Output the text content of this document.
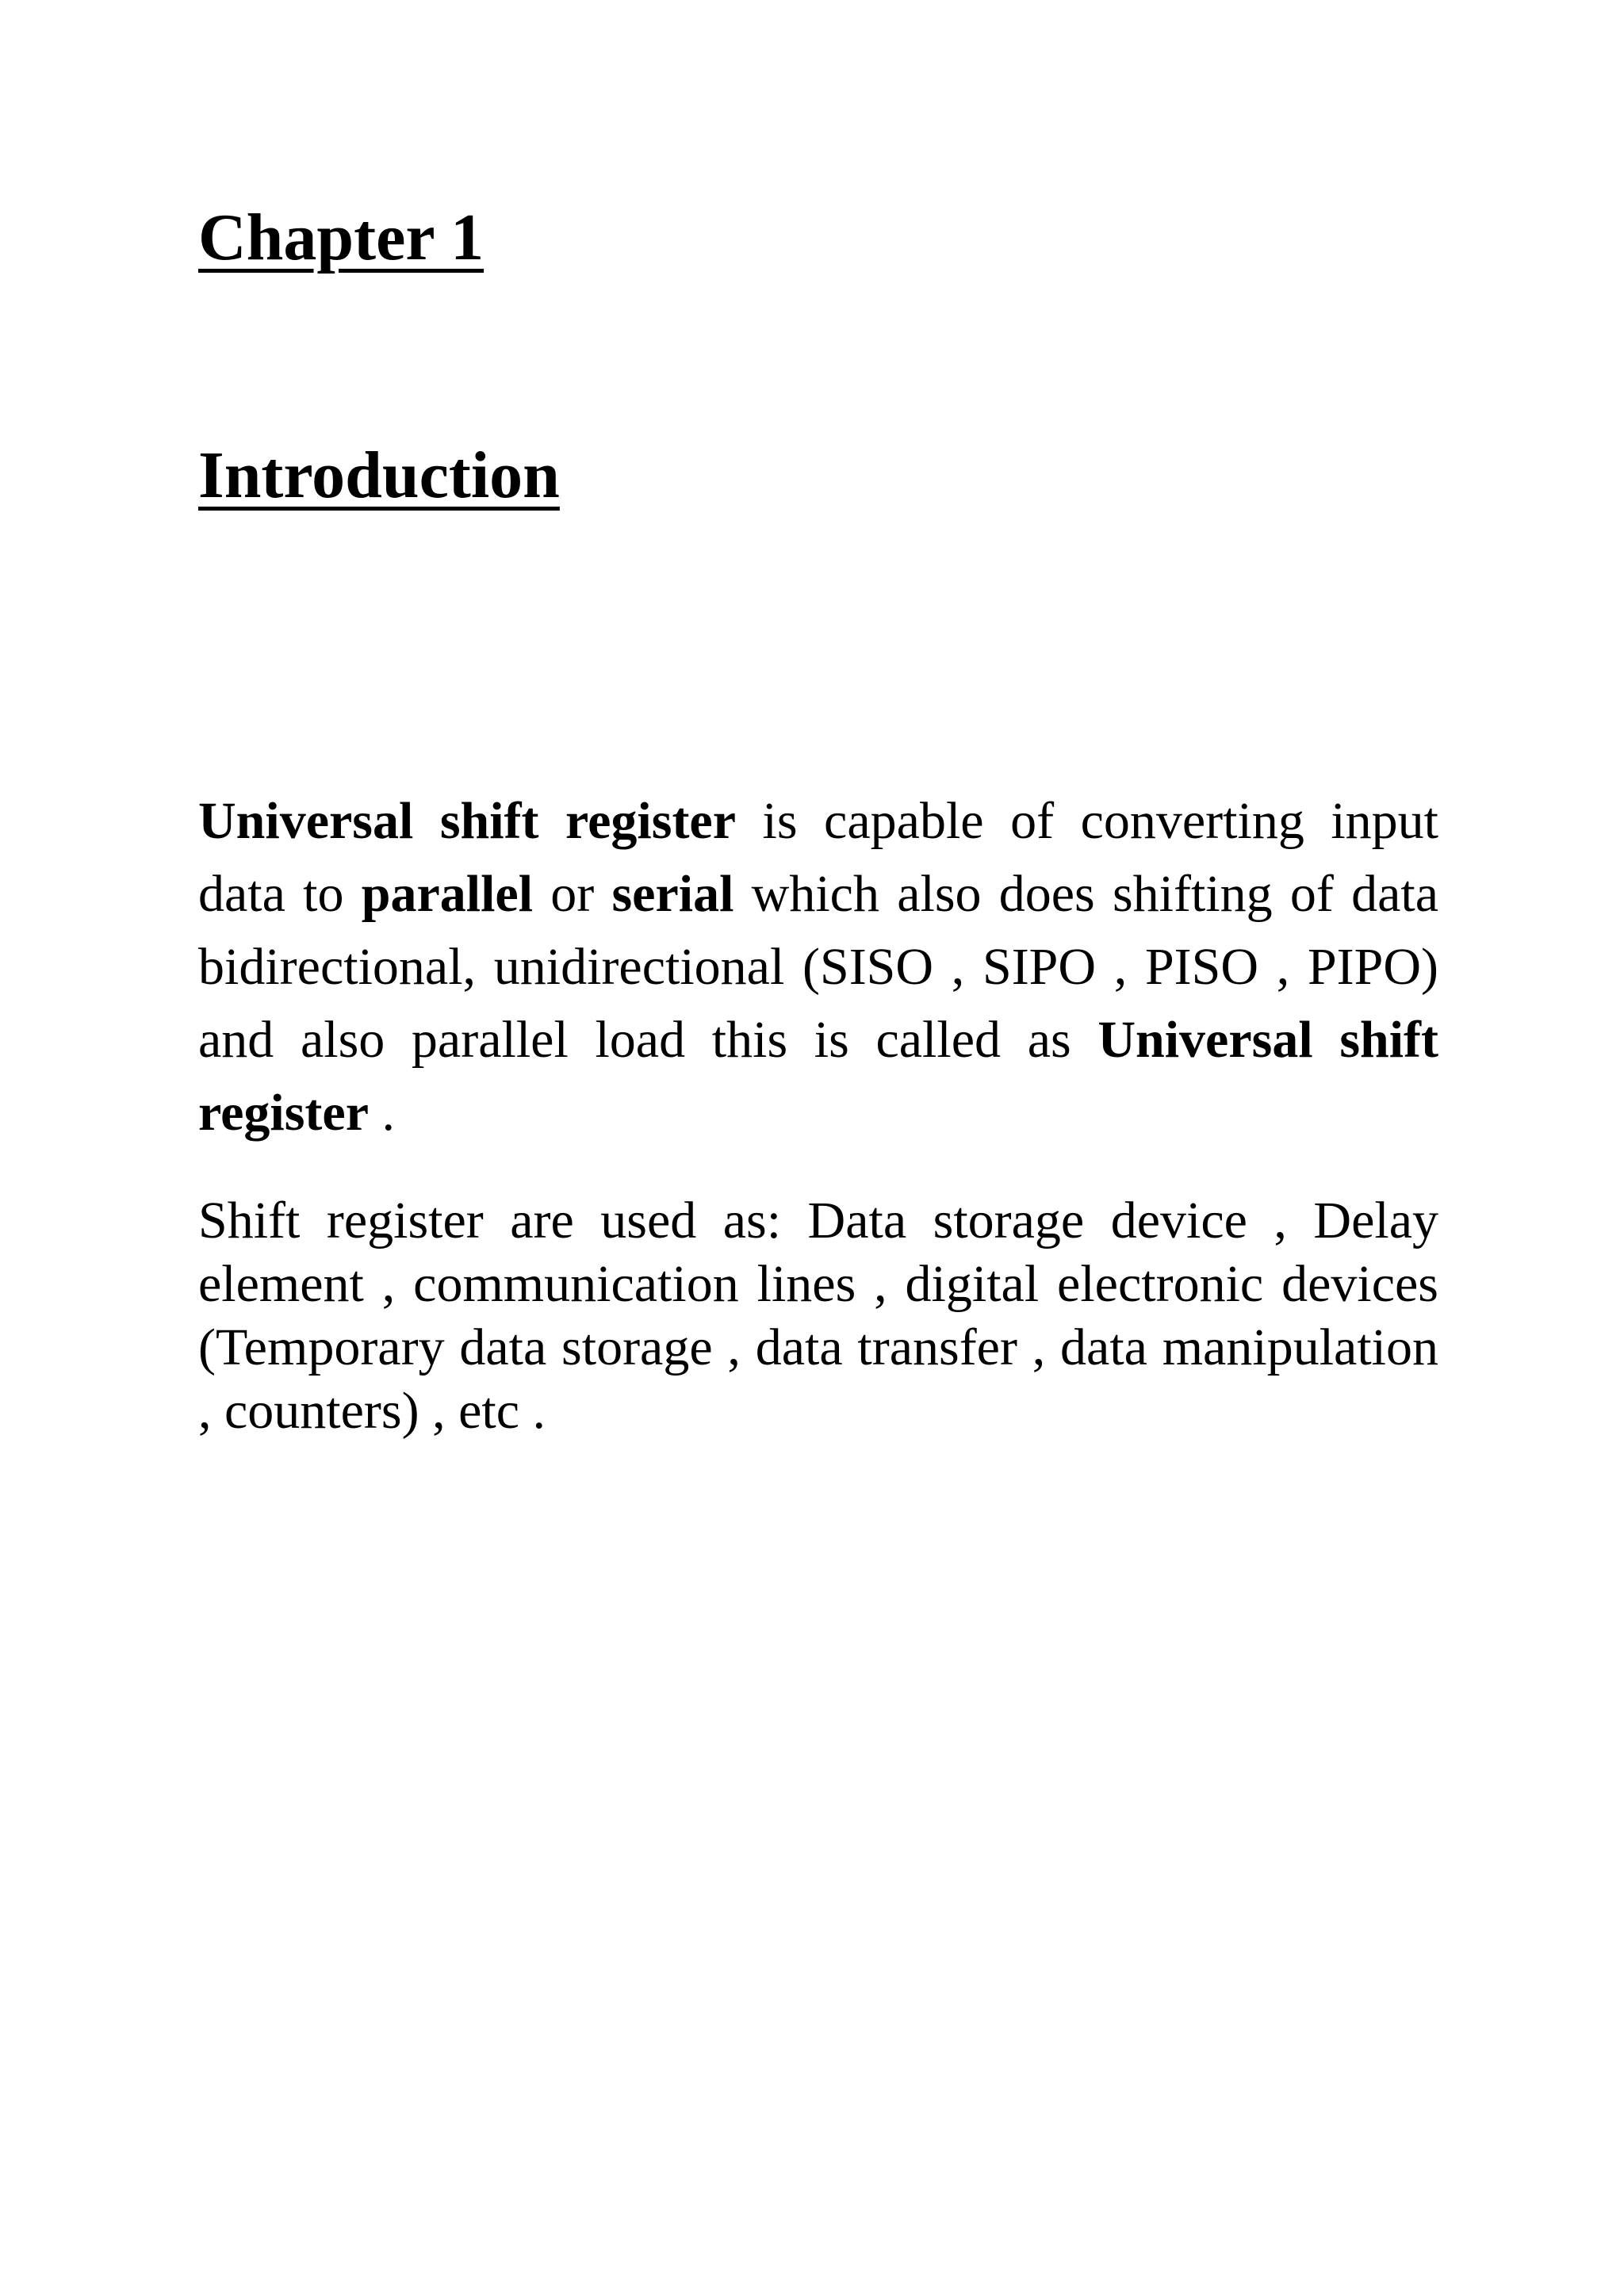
Chapter 1
Introduction

Universal shift register is capable of converting input data to parallel or serial which also does shifting of data bidirectional, unidirectional (SISO , SIPO , PISO , PIPO) and also parallel load this is called as Universal shift register .

Shift register are used as: Data storage device , Delay element , communication lines , digital electronic devices (Temporary data storage , data transfer , data manipulation , counters) , etc .
